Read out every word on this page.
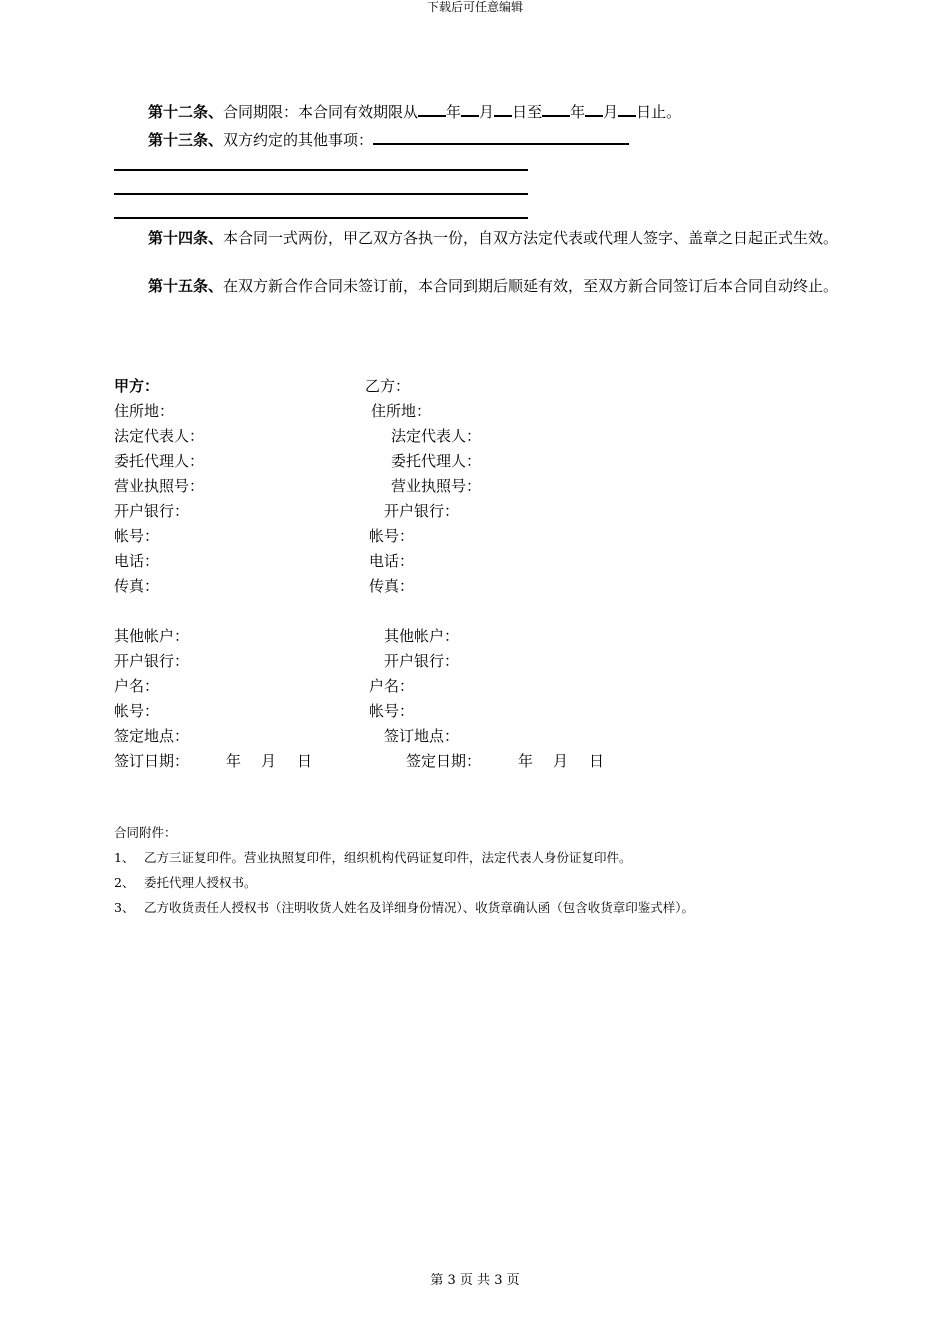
下载后可任意编辑
第十二条、合同期限：本合同有效期限从 年 月 日至 年 月 日止。
第十三条、双方约定的其他事项：
第十四条、本合同一式两份，甲乙双方各执一份，自双方法定代表或代理人签字、盖章之日起正式生效。
第十五条、在双方新合作合同未签订前，本合同到期后顺延有效，至双方新合同签订后本合同自动终止。
甲方：
住所地：
法定代表人：
委托代理人：
营业执照号：
开户银行：
帐号：
电话：
传真：
其他帐户：
开户银行：
户名：
帐号：
签定地点：
签订日期： 年 月 日
乙方：
住所地：
法定代表人：
委托代理人：
营业执照号：
开户银行：
帐号：
电话：
传真：
其他帐户：
开户银行：
户名：
帐号：
签订地点：
签定日期： 年 月 日
合同附件：
1、 乙方三证复印件。营业执照复印件，组织机构代码证复印件，法定代表人身份证复印件。
2、 委托代理人授权书。
3、 乙方收货责任人授权书（注明收货人姓名及详细身份情况）、收货章确认函（包含收货章印鉴式样）。
第 3 页 共 3 页
